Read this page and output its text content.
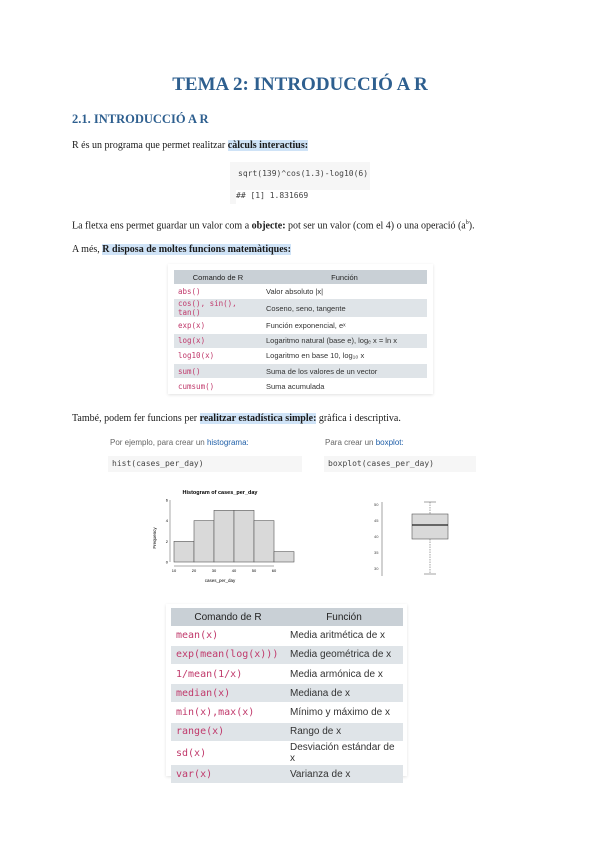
TEMA 2: INTRODUCCIÓ A R
2.1. INTRODUCCIÓ A R
R és un programa que permet realitzar càlculs interactius:
sqrt(139)^cos(1.3)-log10(6)
## [1] 1.831669
La fletxa ens permet guardar un valor com a objecte: pot ser un valor (com el 4) o una operació $(a^b)$.
A més, R disposa de moltes funcions matemàtiques:
Comando de R	Función
abs()	Valor absoluto |x|
cos(), sin(), tan()	Coseno, seno, tangente
exp(x)	Función exponencial, eˣ
log(x)	Logaritmo natural (base e), logₑ x = ln x
log10(x)	Logaritmo en base 10, log₁₀ x
sum()	Suma de los valores de un vector
cumsum()	Suma acumulada
També, podem fer funcions per realitzar estadística simple: gràfica i descriptiva.
Por ejemplo, para crear un histograma:	Para crear un boxplot:
hist(cases_per_day)	boxplot(cases_per_day)
Histogram of cases_per_day
Frequency
cases_per_day
0
2
4
6
10	20	30	40	50	60
50
45
40
35
30
Comando de R	Función
mean(x)	Media aritmética de x
exp(mean(log(x)))	Media geométrica de x
1/mean(1/x)	Media armónica de x
median(x)	Mediana de x
min(x),max(x)	Mínimo y máximo de x
range(x)	Rango de x
sd(x)	Desviación estándar de x
var(x)	Varianza de x
